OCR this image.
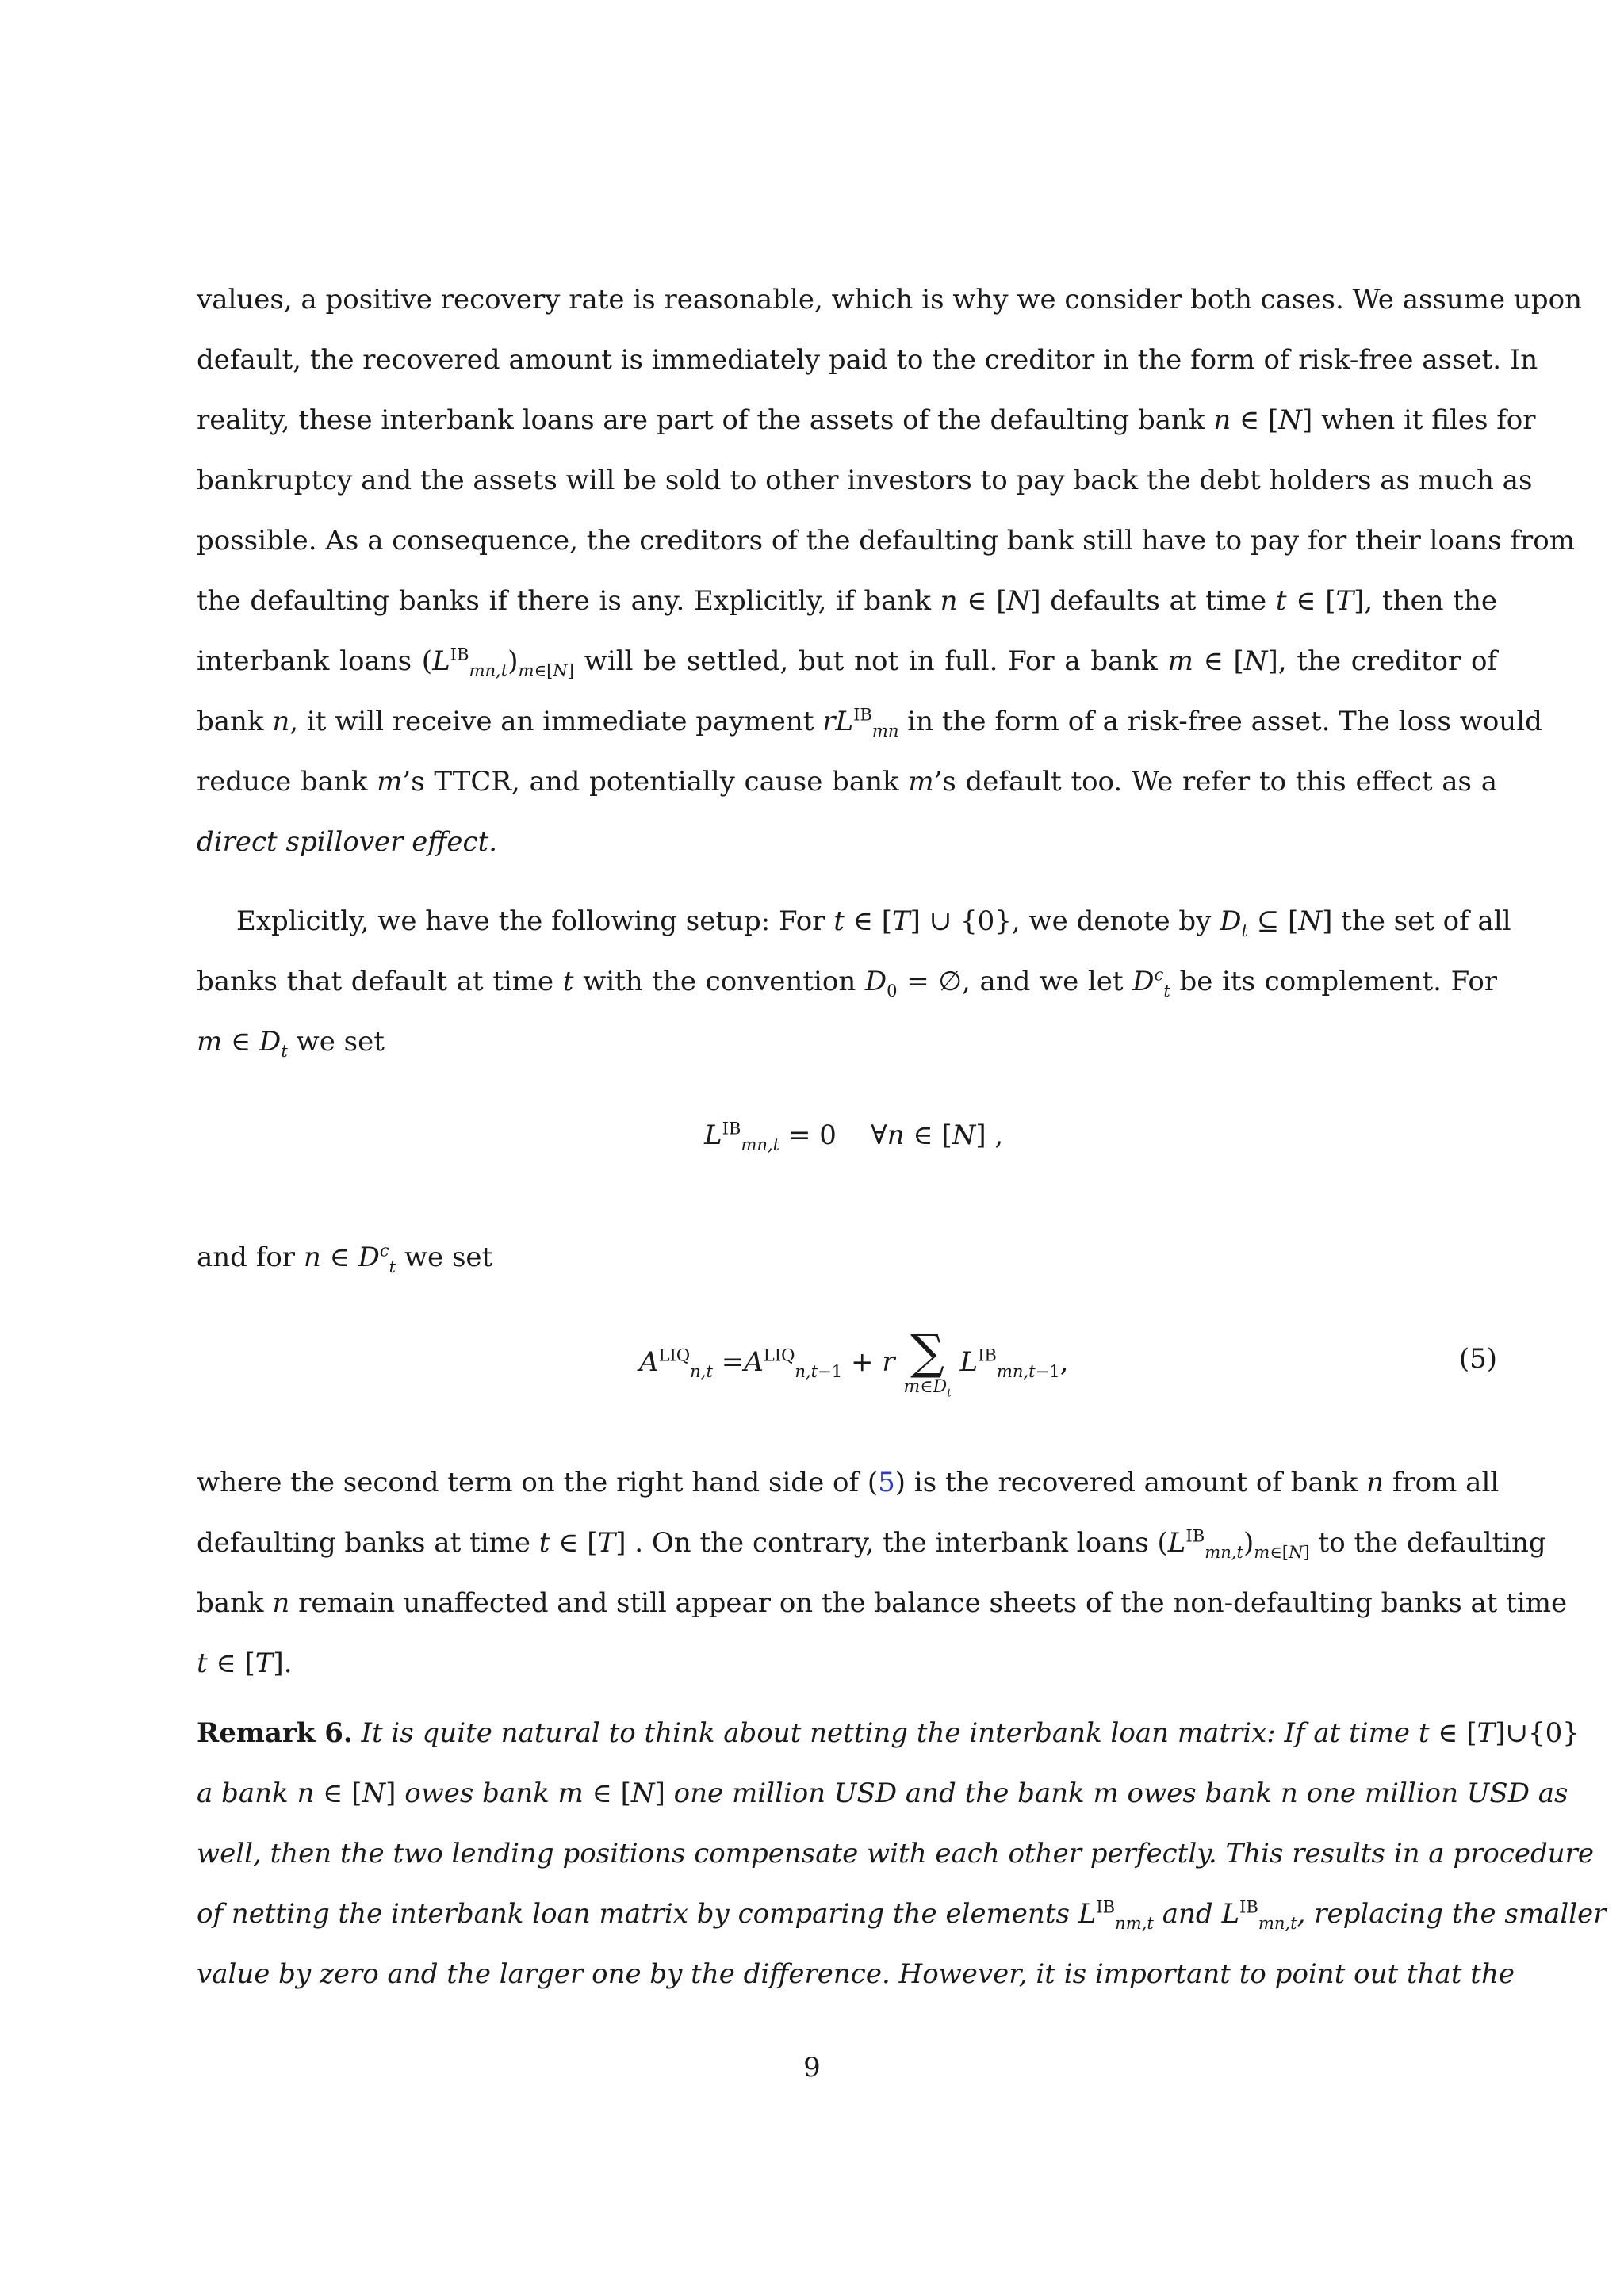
values, a positive recovery rate is reasonable, which is why we consider both cases. We assume upon
default, the recovered amount is immediately paid to the creditor in the form of risk-free asset. In
reality, these interbank loans are part of the assets of the defaulting bank n ∈ [N] when it files for
bankruptcy and the assets will be sold to other investors to pay back the debt holders as much as
possible. As a consequence, the creditors of the defaulting bank still have to pay for their loans from
the defaulting banks if there is any. Explicitly, if bank n ∈ [N] defaults at time t ∈ [T], then the
interbank loans $(L^{IB}_{mn,t})_{m\in[N]}$ will be settled, but not in full. For a bank m ∈ [N], the creditor of
bank n, it will receive an immediate payment $rL^{IB}_{mn}$ in the form of a risk-free asset. The loss would
reduce bank m’s TTCR, and potentially cause bank m’s default too. We refer to this effect as a
direct spillover effect.
Explicitly, we have the following setup: For t ∈ [T] ∪ {0}, we denote by $D_t$ ⊆ [N] the set of all
banks that default at time t with the convention $D_0$ = ∅, and we let $D^c_t$ be its complement. For
m ∈ $D_t$ we set
$L^{IB}_{mn,t} = 0$    ∀n ∈ [N] ,
and for n ∈ $D^c_t$ we set
$A^{LIQ}_{n,t} =A^{LIQ}_{n,t-1} + r$ ∑
$m\in D_t$
$L^{IB}_{mn,t-1}$,	(5)
where the second term on the right hand side of (5) is the recovered amount of bank n from all
defaulting banks at time t ∈ [T] . On the contrary, the interbank loans $(L^{IB}_{mn,t})_{m\in[N]}$ to the defaulting
bank n remain unaffected and still appear on the balance sheets of the non-defaulting banks at time
t ∈ [T].
Remark 6. It is quite natural to think about netting the interbank loan matrix: If at time t ∈ [T]∪{0}
a bank n ∈ [N] owes bank m ∈ [N] one million USD and the bank m owes bank n one million USD as
well, then the two lending positions compensate with each other perfectly. This results in a procedure
of netting the interbank loan matrix by comparing the elements $L^{IB}_{nm,t}$ and $L^{IB}_{mn,t}$, replacing the smaller
value by zero and the larger one by the difference. However, it is important to point out that the
9
